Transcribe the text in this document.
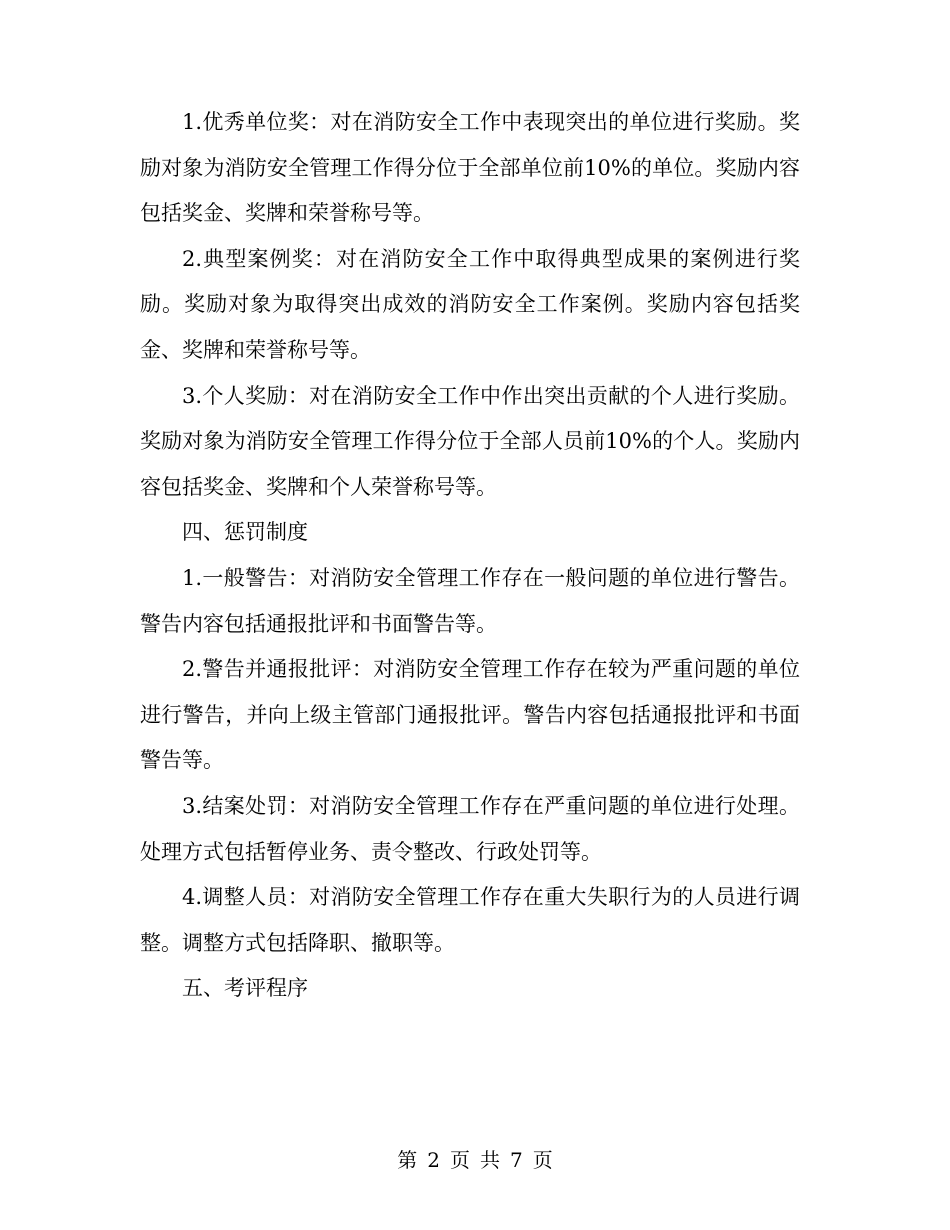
1.优秀单位奖：对在消防安全工作中表现突出的单位进行奖励。奖励对象为消防安全管理工作得分位于全部单位前10%的单位。奖励内容包括奖金、奖牌和荣誉称号等。

2.典型案例奖：对在消防安全工作中取得典型成果的案例进行奖励。奖励对象为取得突出成效的消防安全工作案例。奖励内容包括奖金、奖牌和荣誉称号等。

3.个人奖励：对在消防安全工作中作出突出贡献的个人进行奖励。奖励对象为消防安全管理工作得分位于全部人员前10%的个人。奖励内容包括奖金、奖牌和个人荣誉称号等。

四、惩罚制度

1.一般警告：对消防安全管理工作存在一般问题的单位进行警告。警告内容包括通报批评和书面警告等。

2.警告并通报批评：对消防安全管理工作存在较为严重问题的单位进行警告，并向上级主管部门通报批评。警告内容包括通报批评和书面警告等。

3.结案处罚：对消防安全管理工作存在严重问题的单位进行处理。处理方式包括暂停业务、责令整改、行政处罚等。

4.调整人员：对消防安全管理工作存在重大失职行为的人员进行调整。调整方式包括降职、撤职等。

五、考评程序

第 2 页 共 7 页
